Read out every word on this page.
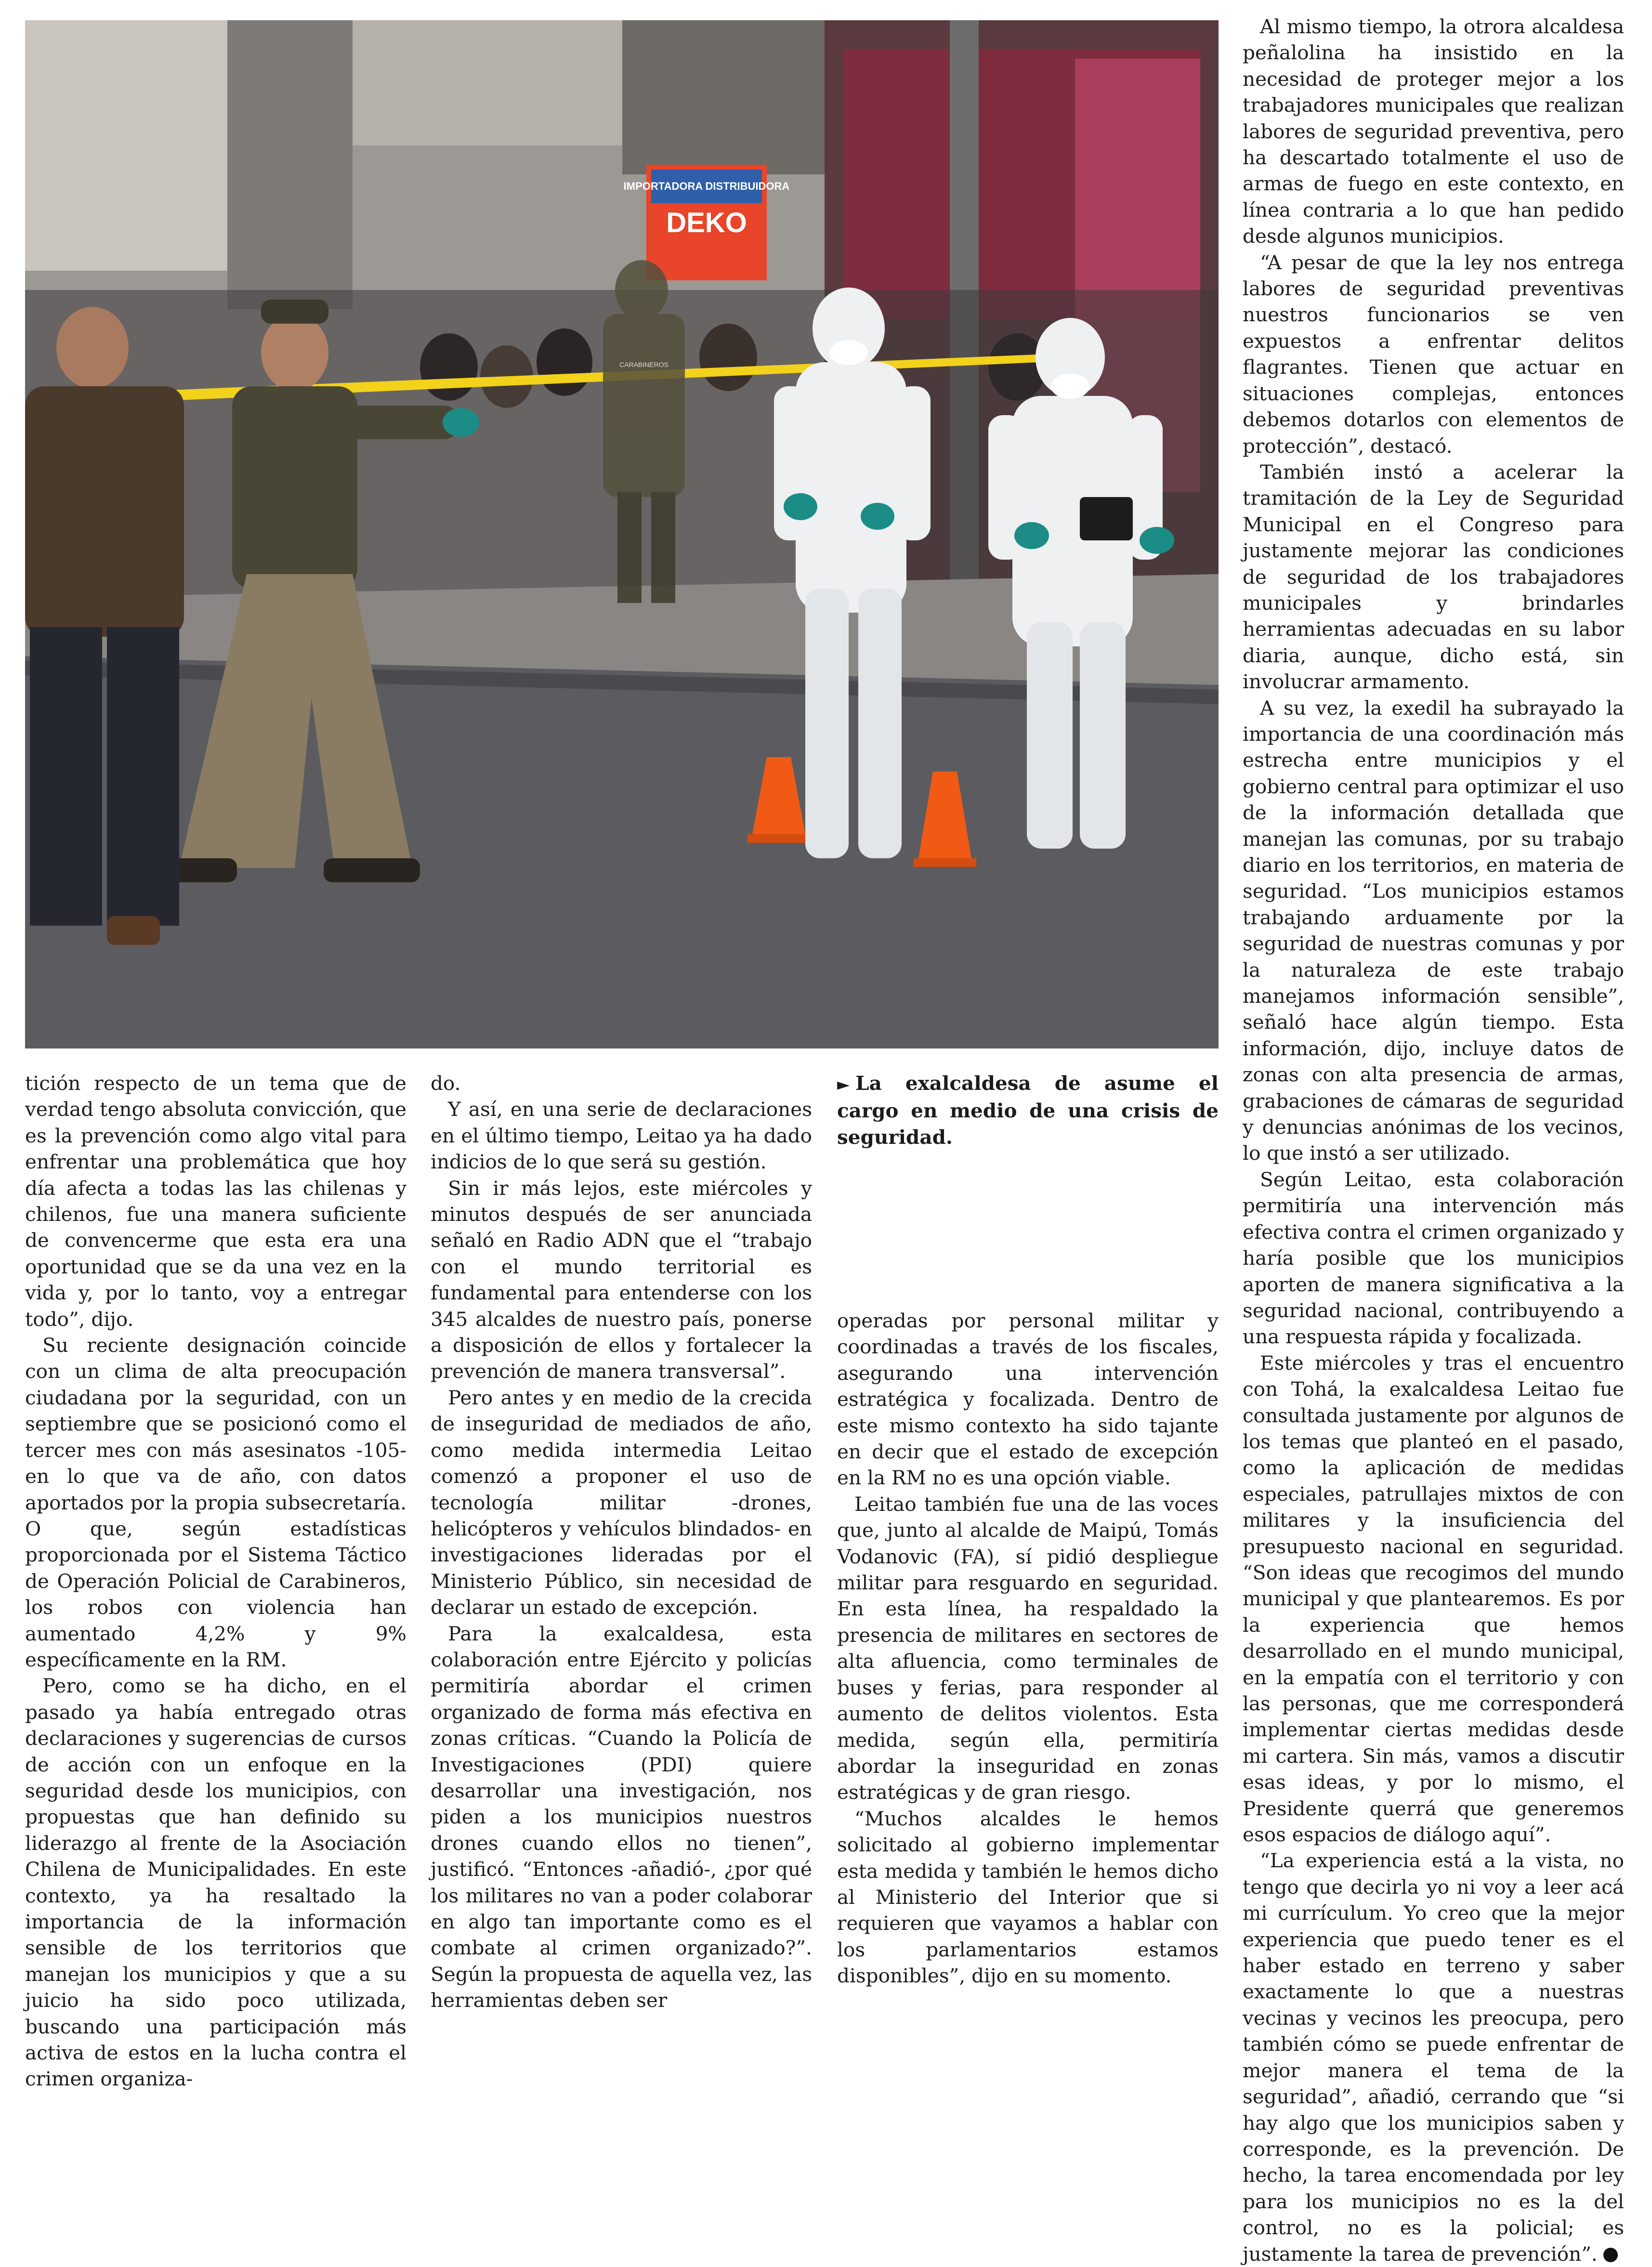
IMPORTADORA DISTRIBUIDORA
DEKO
CARABINEROS

tición respecto de un tema que de verdad tengo absoluta convicción, que es la prevención como algo vital para enfrentar una problemática que hoy día afecta a todas las las chilenas y chilenos, fue una manera suficiente de convencerme que esta era una oportunidad que se da una vez en la vida y, por lo tanto, voy a entregar todo”, dijo.

Su reciente designación coincide con un clima de alta preocupación ciudadana por la seguridad, con un septiembre que se posicionó como el tercer mes con más asesinatos -105- en lo que va de año, con datos aportados por la propia subsecretaría. O que, según estadísticas proporcionada por el Sistema Táctico de Operación Policial de Carabineros, los robos con violencia han aumentado 4,2% y 9% específicamente en la RM.

Pero, como se ha dicho, en el pasado ya había entregado otras declaraciones y sugerencias de cursos de acción con un enfoque en la seguridad desde los municipios, con propuestas que han definido su liderazgo al frente de la Asociación Chilena de Municipalidades. En este contexto, ya ha resaltado la importancia de la información sensible de los territorios que manejan los municipios y que a su juicio ha sido poco utilizada, buscando una participación más activa de estos en la lucha contra el crimen organiza-

do.

Y así, en una serie de declaraciones en el último tiempo, Leitao ya ha dado indicios de lo que será su gestión.

Sin ir más lejos, este miércoles y minutos después de ser anunciada señaló en Radio ADN que el “trabajo con el mundo territorial es fundamental para entenderse con los 345 alcaldes de nuestro país, ponerse a disposición de ellos y fortalecer la prevención de manera transversal”.

Pero antes y en medio de la crecida de inseguridad de mediados de año, como medida intermedia Leitao comenzó a proponer el uso de tecnología militar -drones, helicópteros y vehículos blindados- en investigaciones lideradas por el Ministerio Público, sin necesidad de declarar un estado de excepción.

Para la exalcaldesa, esta colaboración entre Ejército y policías permitiría abordar el crimen organizado de forma más efectiva en zonas críticas. “Cuando la Policía de Investigaciones (PDI) quiere desarrollar una investigación, nos piden a los municipios nuestros drones cuando ellos no tienen”, justificó. “Entonces -añadió-, ¿por qué los militares no van a poder colaborar en algo tan importante como es el combate al crimen organizado?”. Según la propuesta de aquella vez, las herramientas deben ser

► La exalcaldesa de asume el cargo en medio de una crisis de seguridad.

operadas por personal militar y coordinadas a través de los fiscales, asegurando una intervención estratégica y focalizada. Dentro de este mismo contexto ha sido tajante en decir que el estado de excepción en la RM no es una opción viable.

Leitao también fue una de las voces que, junto al alcalde de Maipú, Tomás Vodanovic (FA), sí pidió despliegue militar para resguardo en seguridad. En esta línea, ha respaldado la presencia de militares en sectores de alta afluencia, como terminales de buses y ferias, para responder al aumento de delitos violentos. Esta medida, según ella, permitiría abordar la inseguridad en zonas estratégicas y de gran riesgo.

“Muchos alcaldes le hemos solicitado al gobierno implementar esta medida y también le hemos dicho al Ministerio del Interior que si requieren que vayamos a hablar con los parlamentarios estamos disponibles”, dijo en su momento.

Al mismo tiempo, la otrora alcaldesa peñalolina ha insistido en la necesidad de proteger mejor a los trabajadores municipales que realizan labores de seguridad preventiva, pero ha descartado totalmente el uso de armas de fuego en este contexto, en línea contraria a lo que han pedido desde algunos municipios.

“A pesar de que la ley nos entrega labores de seguridad preventivas nuestros funcionarios se ven expuestos a enfrentar delitos flagrantes. Tienen que actuar en situaciones complejas, entonces debemos dotarlos con elementos de protección”, destacó.

También instó a acelerar la tramitación de la Ley de Seguridad Municipal en el Congreso para justamente mejorar las condiciones de seguridad de los trabajadores municipales y brindarles herramientas adecuadas en su labor diaria, aunque, dicho está, sin involucrar armamento.

A su vez, la exedil ha subrayado la importancia de una coordinación más estrecha entre municipios y el gobierno central para optimizar el uso de la información detallada que manejan las comunas, por su trabajo diario en los territorios, en materia de seguridad. “Los municipios estamos trabajando arduamente por la seguridad de nuestras comunas y por la naturaleza de este trabajo manejamos información sensible”, señaló hace algún tiempo. Esta información, dijo, incluye datos de zonas con alta presencia de armas, grabaciones de cámaras de seguridad y denuncias anónimas de los vecinos, lo que instó a ser utilizado.

Según Leitao, esta colaboración permitiría una intervención más efectiva contra el crimen organizado y haría posible que los municipios aporten de manera significativa a la seguridad nacional, contribuyendo a una respuesta rápida y focalizada.

Este miércoles y tras el encuentro con Tohá, la exalcaldesa Leitao fue consultada justamente por algunos de los temas que planteó en el pasado, como la aplicación de medidas especiales, patrullajes mixtos de con militares y la insuficiencia del presupuesto nacional en seguridad. “Son ideas que recogimos del mundo municipal y que plantearemos. Es por la experiencia que hemos desarrollado en el mundo municipal, en la empatía con el territorio y con las personas, que me corresponderá implementar ciertas medidas desde mi cartera. Sin más, vamos a discutir esas ideas, y por lo mismo, el Presidente querrá que generemos esos espacios de diálogo aquí”.

“La experiencia está a la vista, no tengo que decirla yo ni voy a leer acá mi currículum. Yo creo que la mejor experiencia que puedo tener es el haber estado en terreno y saber exactamente lo que a nuestras vecinas y vecinos les preocupa, pero también cómo se puede enfrentar de mejor manera el tema de la seguridad”, añadió, cerrando que “si hay algo que los municipios saben y corresponde, es la prevención. De hecho, la tarea encomendada por ley para los municipios no es la del control, no es la policial; es justamente la tarea de prevención”.
